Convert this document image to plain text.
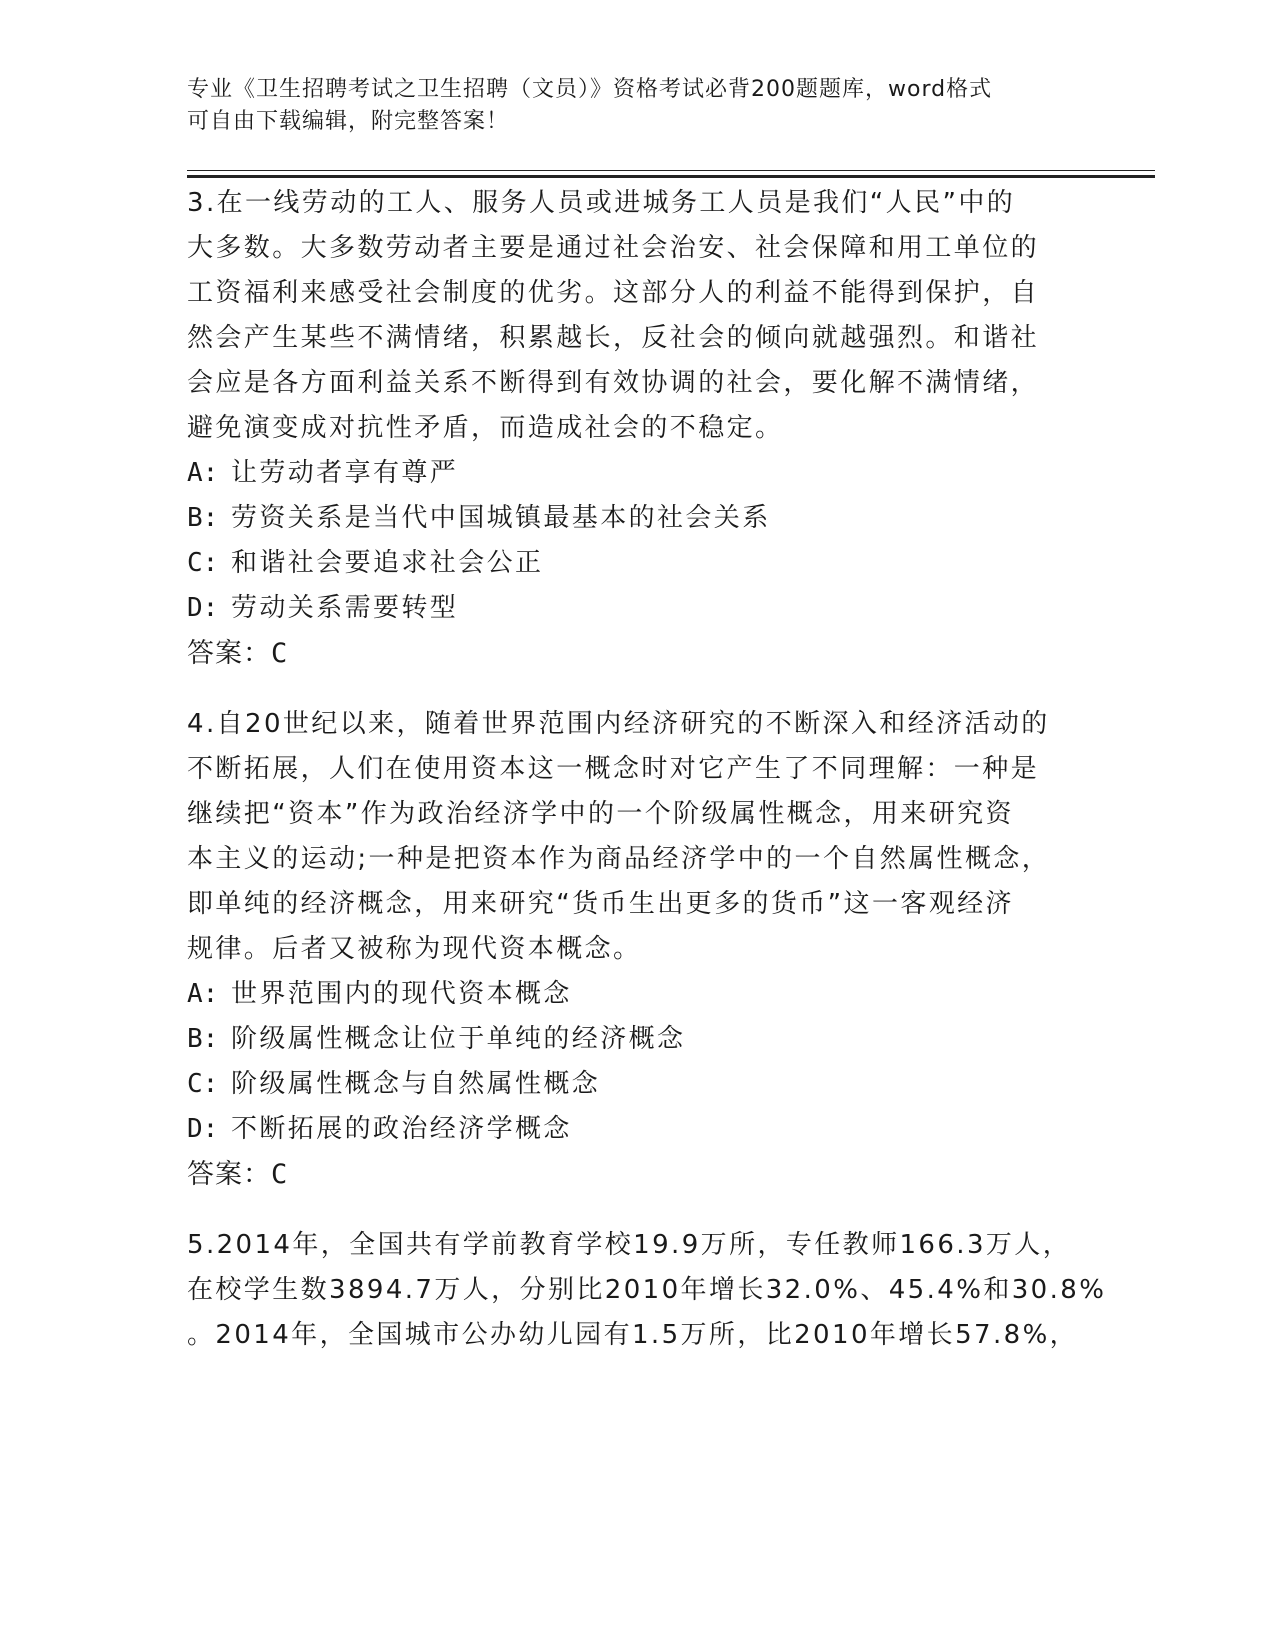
专业《卫生招聘考试之卫生招聘（文员）》资格考试必背200题题库，word格式
可自由下载编辑，附完整答案！
3.在一线劳动的工人、服务人员或进城务工人员是我们“人民”中的
大多数。大多数劳动者主要是通过社会治安、社会保障和用工单位的
工资福利来感受社会制度的优劣。这部分人的利益不能得到保护，自
然会产生某些不满情绪，积累越长，反社会的倾向就越强烈。和谐社
会应是各方面利益关系不断得到有效协调的社会，要化解不满情绪，
避免演变成对抗性矛盾，而造成社会的不稳定。
A: 让劳动者享有尊严
B: 劳资关系是当代中国城镇最基本的社会关系
C: 和谐社会要追求社会公正
D: 劳动关系需要转型
答案：C
4.自20世纪以来，随着世界范围内经济研究的不断深入和经济活动的
不断拓展，人们在使用资本这一概念时对它产生了不同理解：一种是
继续把“资本”作为政治经济学中的一个阶级属性概念，用来研究资
本主义的运动;一种是把资本作为商品经济学中的一个自然属性概念，
即单纯的经济概念，用来研究“货币生出更多的货币”这一客观经济
规律。后者又被称为现代资本概念。
A: 世界范围内的现代资本概念
B: 阶级属性概念让位于单纯的经济概念
C: 阶级属性概念与自然属性概念
D: 不断拓展的政治经济学概念
答案：C
5.2014年，全国共有学前教育学校19.9万所，专任教师166.3万人，
在校学生数3894.7万人，分别比2010年增长32.0%、45.4%和30.8%
。2014年，全国城市公办幼儿园有1.5万所，比2010年增长57.8%，
